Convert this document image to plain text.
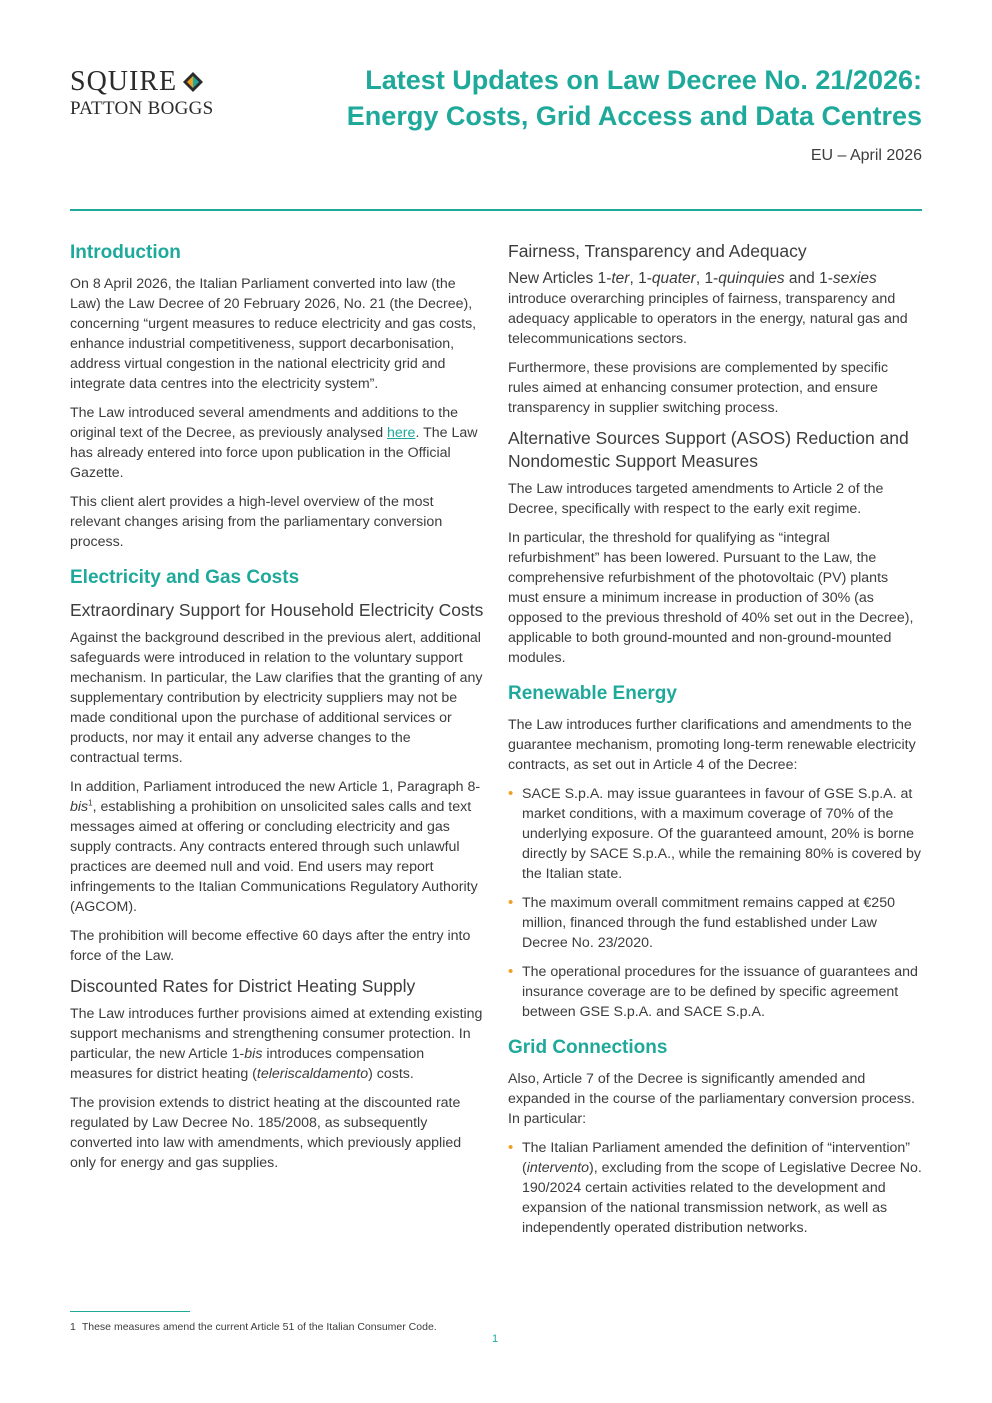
SQUIRE
PATTON BOGGS
Latest Updates on Law Decree No. 21/2026:
Energy Costs, Grid Access and Data Centres
EU – April 2026
Introduction

On 8 April 2026, the Italian Parliament converted into law (the Law) the Law Decree of 20 February 2026, No. 21 (the Decree), concerning “urgent measures to reduce electricity and gas costs, enhance industrial competitiveness, support decarbonisation, address virtual congestion in the national electricity grid and integrate data centres into the electricity system”.

The Law introduced several amendments and additions to the original text of the Decree, as previously analysed here. The Law has already entered into force upon publication in the Official Gazette.

This client alert provides a high-level overview of the most relevant changes arising from the parliamentary conversion process.

Electricity and Gas Costs
Extraordinary Support for Household Electricity Costs

Against the background described in the previous alert, additional safeguards were introduced in relation to the voluntary support mechanism. In particular, the Law clarifies that the granting of any supplementary contribution by electricity suppliers may not be made conditional upon the purchase of additional services or products, nor may it entail any adverse changes to the contractual terms.

In addition, Parliament introduced the new Article 1, Paragraph 8-bis$^1$, establishing a prohibition on unsolicited sales calls and text messages aimed at offering or concluding electricity and gas supply contracts. Any contracts entered through such unlawful practices are deemed null and void. End users may report infringements to the Italian Communications Regulatory Authority (AGCOM).

The prohibition will become effective 60 days after the entry into force of the Law.

Discounted Rates for District Heating Supply

The Law introduces further provisions aimed at extending existing support mechanisms and strengthening consumer protection. In particular, the new Article 1-bis introduces compensation measures for district heating (teleriscaldamento) costs.

The provision extends to district heating at the discounted rate regulated by Law Decree No. 185/2008, as subsequently converted into law with amendments, which previously applied only for energy and gas supplies.

Fairness, Transparency and Adequacy

New Articles 1-ter, 1-quater, 1-quinquies and 1-sexies introduce overarching principles of fairness, transparency and adequacy applicable to operators in the energy, natural gas and telecommunications sectors.

Furthermore, these provisions are complemented by specific rules aimed at enhancing consumer protection, and ensure transparency in supplier switching process.

Alternative Sources Support (ASOS) Reduction and Nondomestic Support Measures

The Law introduces targeted amendments to Article 2 of the Decree, specifically with respect to the early exit regime.

In particular, the threshold for qualifying as “integral refurbishment” has been lowered. Pursuant to the Law, the comprehensive refurbishment of the photovoltaic (PV) plants must ensure a minimum increase in production of 30% (as opposed to the previous threshold of 40% set out in the Decree), applicable to both ground-mounted and non-ground-mounted modules.

Renewable Energy

The Law introduces further clarifications and amendments to the guarantee mechanism, promoting long-term renewable electricity contracts, as set out in Article 4 of the Decree:

• SACE S.p.A. may issue guarantees in favour of GSE S.p.A. at market conditions, with a maximum coverage of 70% of the underlying exposure. Of the guaranteed amount, 20% is borne directly by SACE S.p.A., while the remaining 80% is covered by the Italian state.
• The maximum overall commitment remains capped at €250 million, financed through the fund established under Law Decree No. 23/2020.
• The operational procedures for the issuance of guarantees and insurance coverage are to be defined by specific agreement between GSE S.p.A. and SACE S.p.A.
Grid Connections

Also, Article 7 of the Decree is significantly amended and expanded in the course of the parliamentary conversion process. In particular:

• The Italian Parliament amended the definition of “intervention” (intervento), excluding from the scope of Legislative Decree No. 190/2024 certain activities related to the development and expansion of the national transmission network, as well as independently operated distribution networks.
1 These measures amend the current Article 51 of the Italian Consumer Code.
1
